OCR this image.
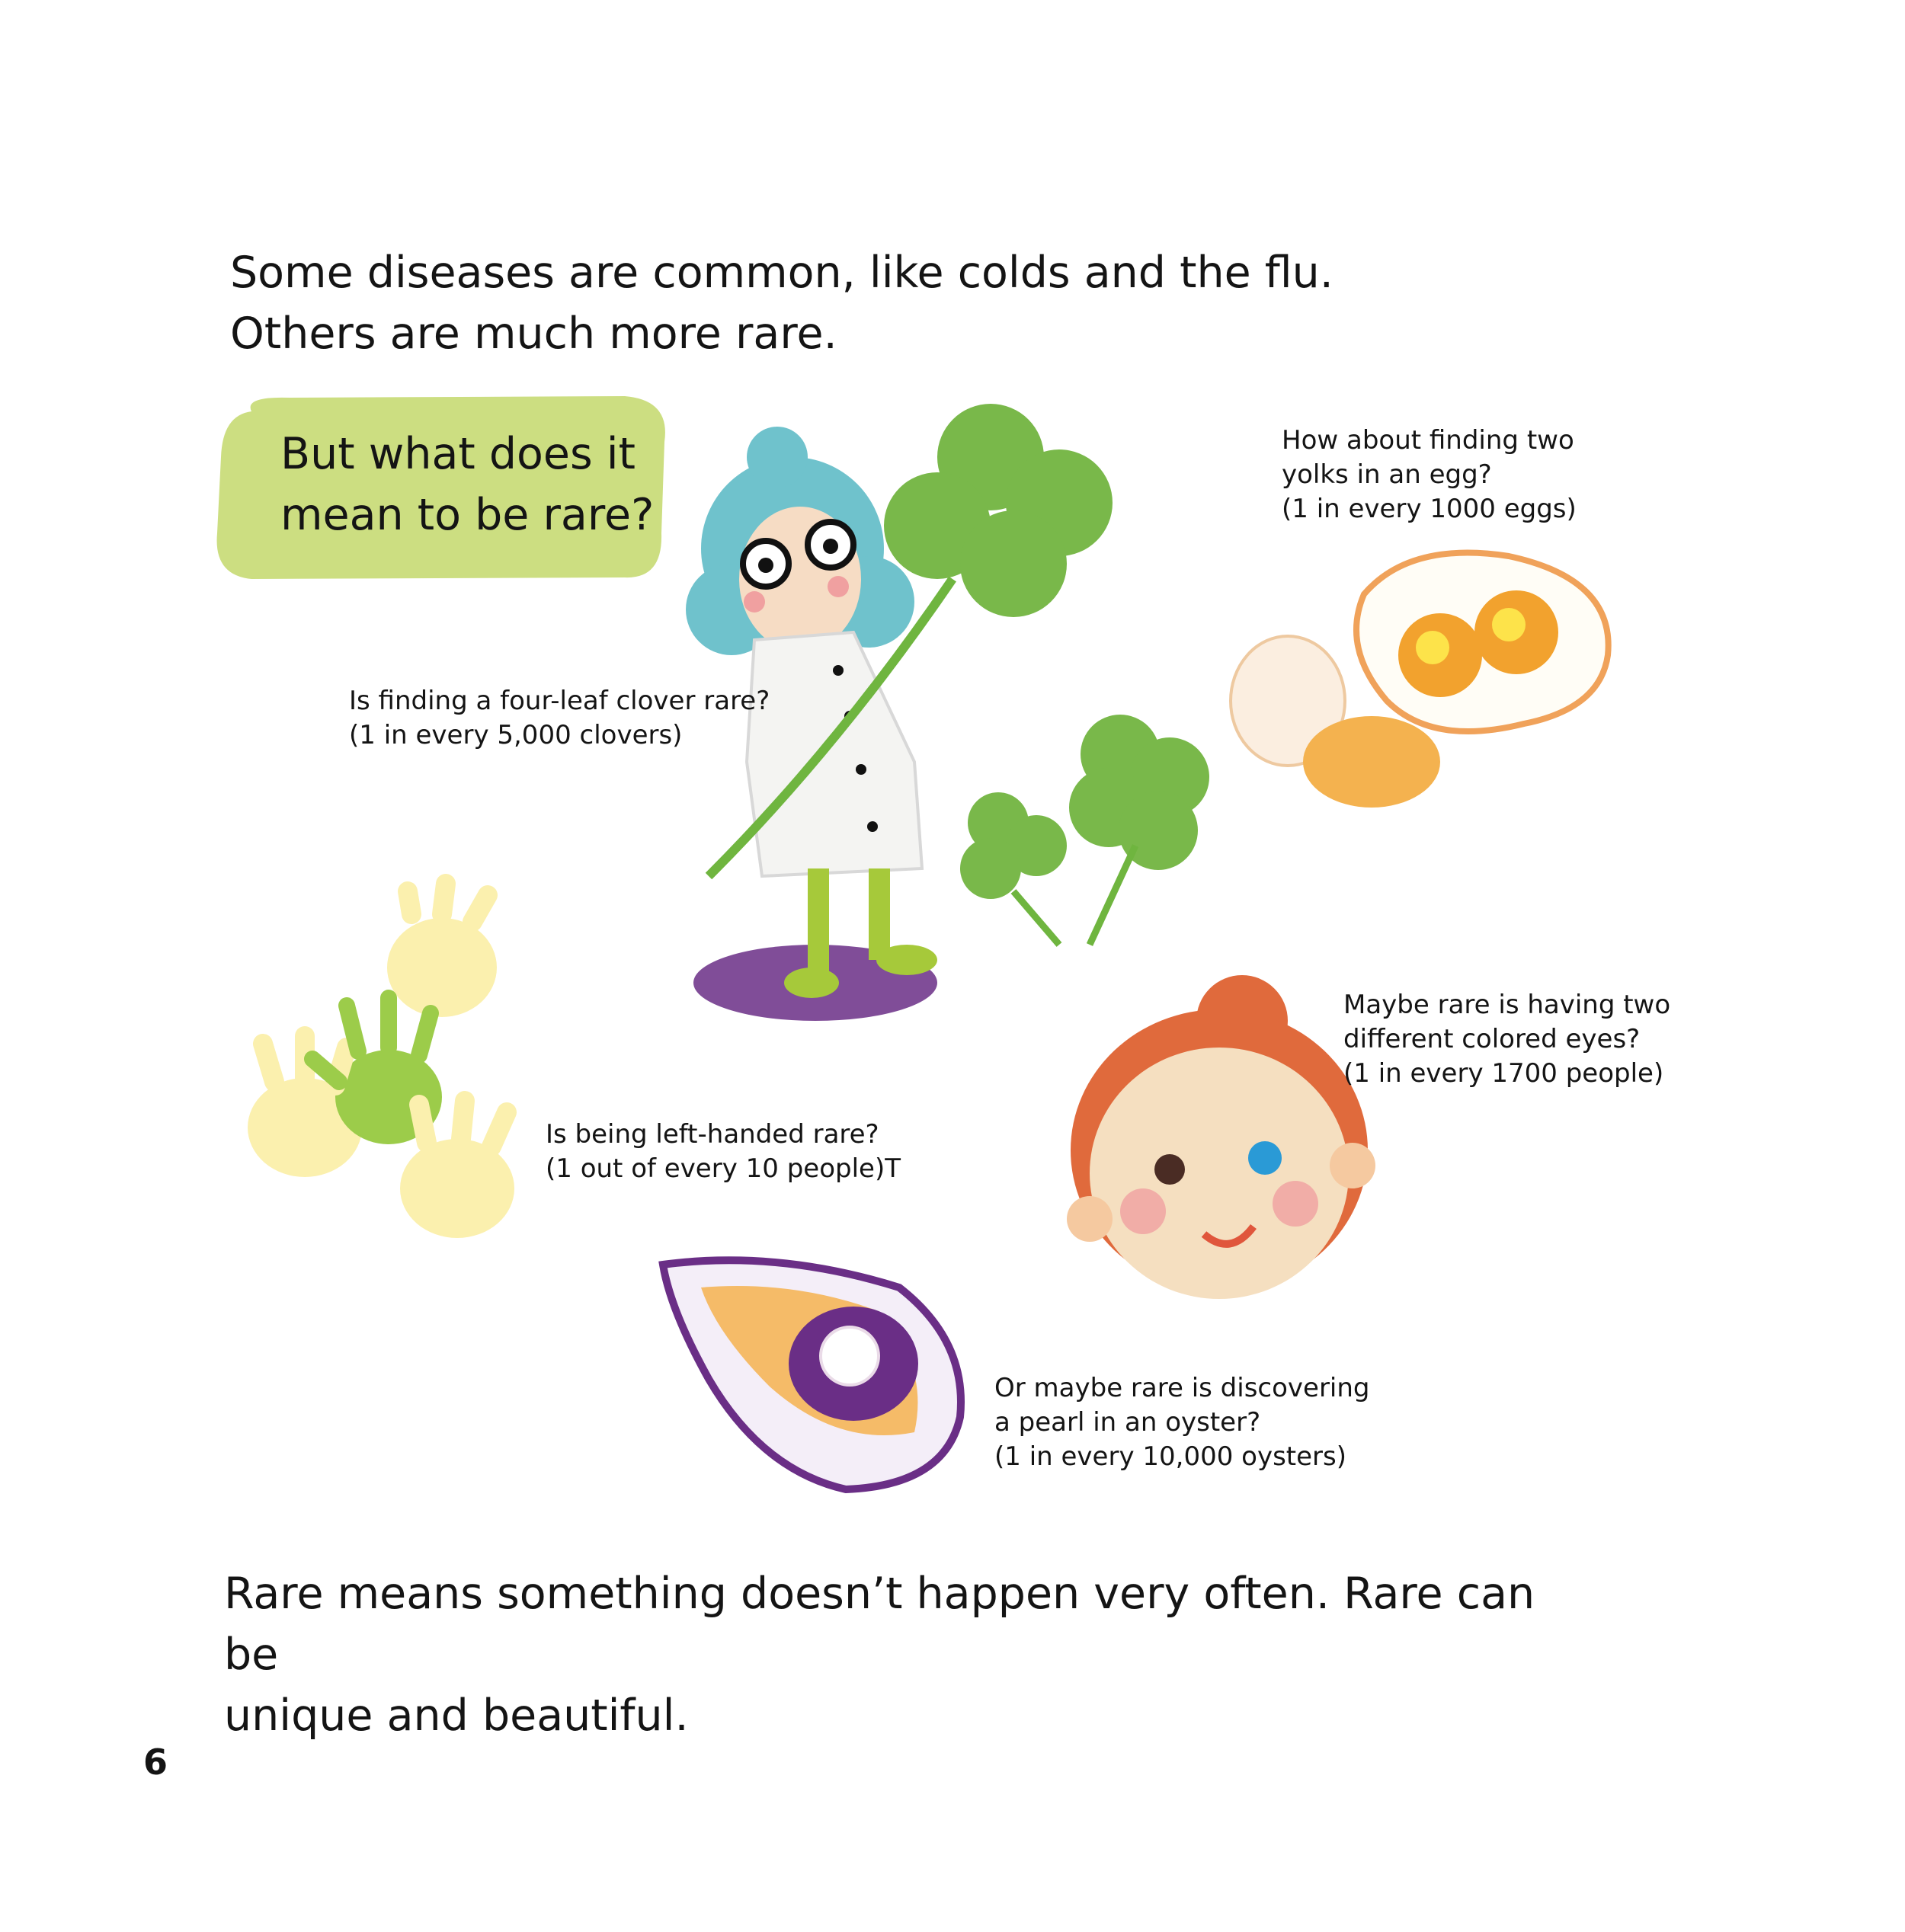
Some diseases are common, like colds and the flu.
Others are much more rare.
But what does it
mean to be rare?
How about finding two
yolks in an egg?
(1 in every 1000 eggs)
Is finding a four-leaf clover rare?
(1 in every 5,000 clovers)
Maybe rare is having two
different colored eyes?
(1 in every 1700 people)
Is being left-handed rare?
(1 out of every 10 people)T
Or maybe rare is discovering
a pearl in an oyster?
(1 in every 10,000 oysters)
Rare means something doesn’t happen very often. Rare can be
unique and beautiful.
6
